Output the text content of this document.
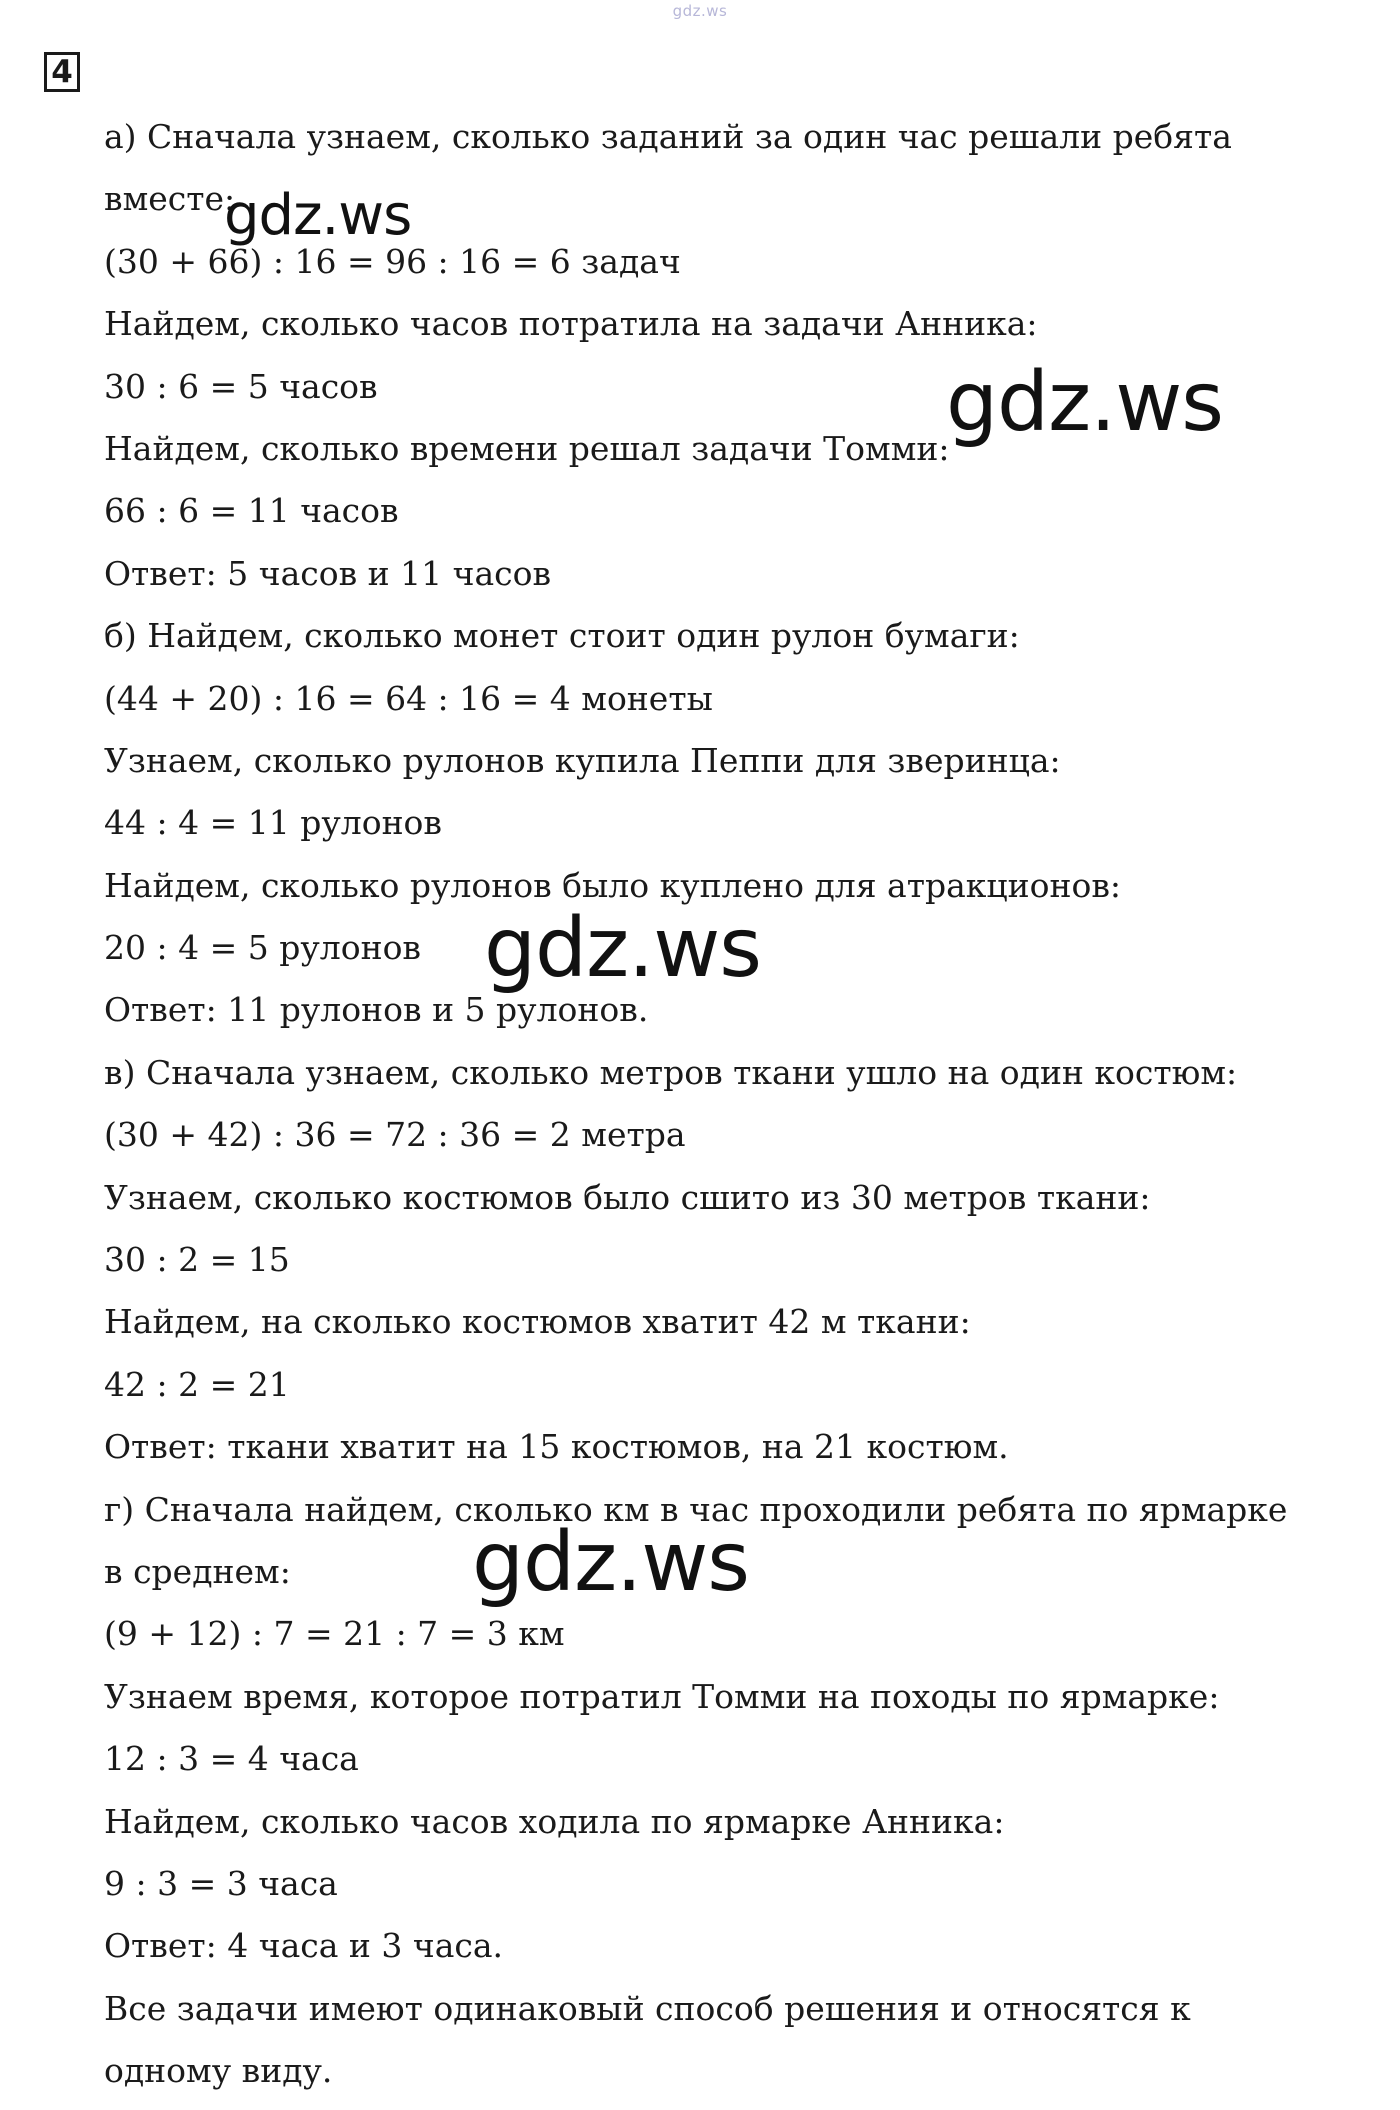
gdz.ws
4
а) Сначала узнаем, сколько заданий за один час решали ребята
вместе:
(30 + 66) : 16 = 96 : 16 = 6 задач
Найдем, сколько часов потратила на задачи Анника:
30 : 6 = 5 часов
Найдем, сколько времени решал задачи Томми:
66 : 6 = 11 часов
Ответ: 5 часов и 11 часов
б) Найдем, сколько монет стоит один рулон бумаги:
(44 + 20) : 16 = 64 : 16 = 4 монеты
Узнаем, сколько рулонов купила Пеппи для зверинца:
44 : 4 = 11 рулонов
Найдем, сколько рулонов было куплено для атракционов:
20 : 4 = 5 рулонов
Ответ: 11 рулонов и 5 рулонов.
в) Сначала узнаем, сколько метров ткани ушло на один костюм:
(30 + 42) : 36 = 72 : 36 = 2 метра
Узнаем, сколько костюмов было сшито из 30 метров ткани:
30 : 2 = 15
Найдем, на сколько костюмов хватит 42 м ткани:
42 : 2 = 21
Ответ: ткани хватит на 15 костюмов, на 21 костюм.
г) Сначала найдем, сколько км в час проходили ребята по ярмарке
в среднем:
(9 + 12) : 7 = 21 : 7 = 3 км
Узнаем время, которое потратил Томми на походы по ярмарке:
12 : 3 = 4 часа
Найдем, сколько часов ходила по ярмарке Анника:
9 : 3 = 3 часа
Ответ: 4 часа и 3 часа.
Все задачи имеют одинаковый способ решения и относятся к
одному виду.
gdz.ws
gdz.ws
gdz.ws
gdz.ws
